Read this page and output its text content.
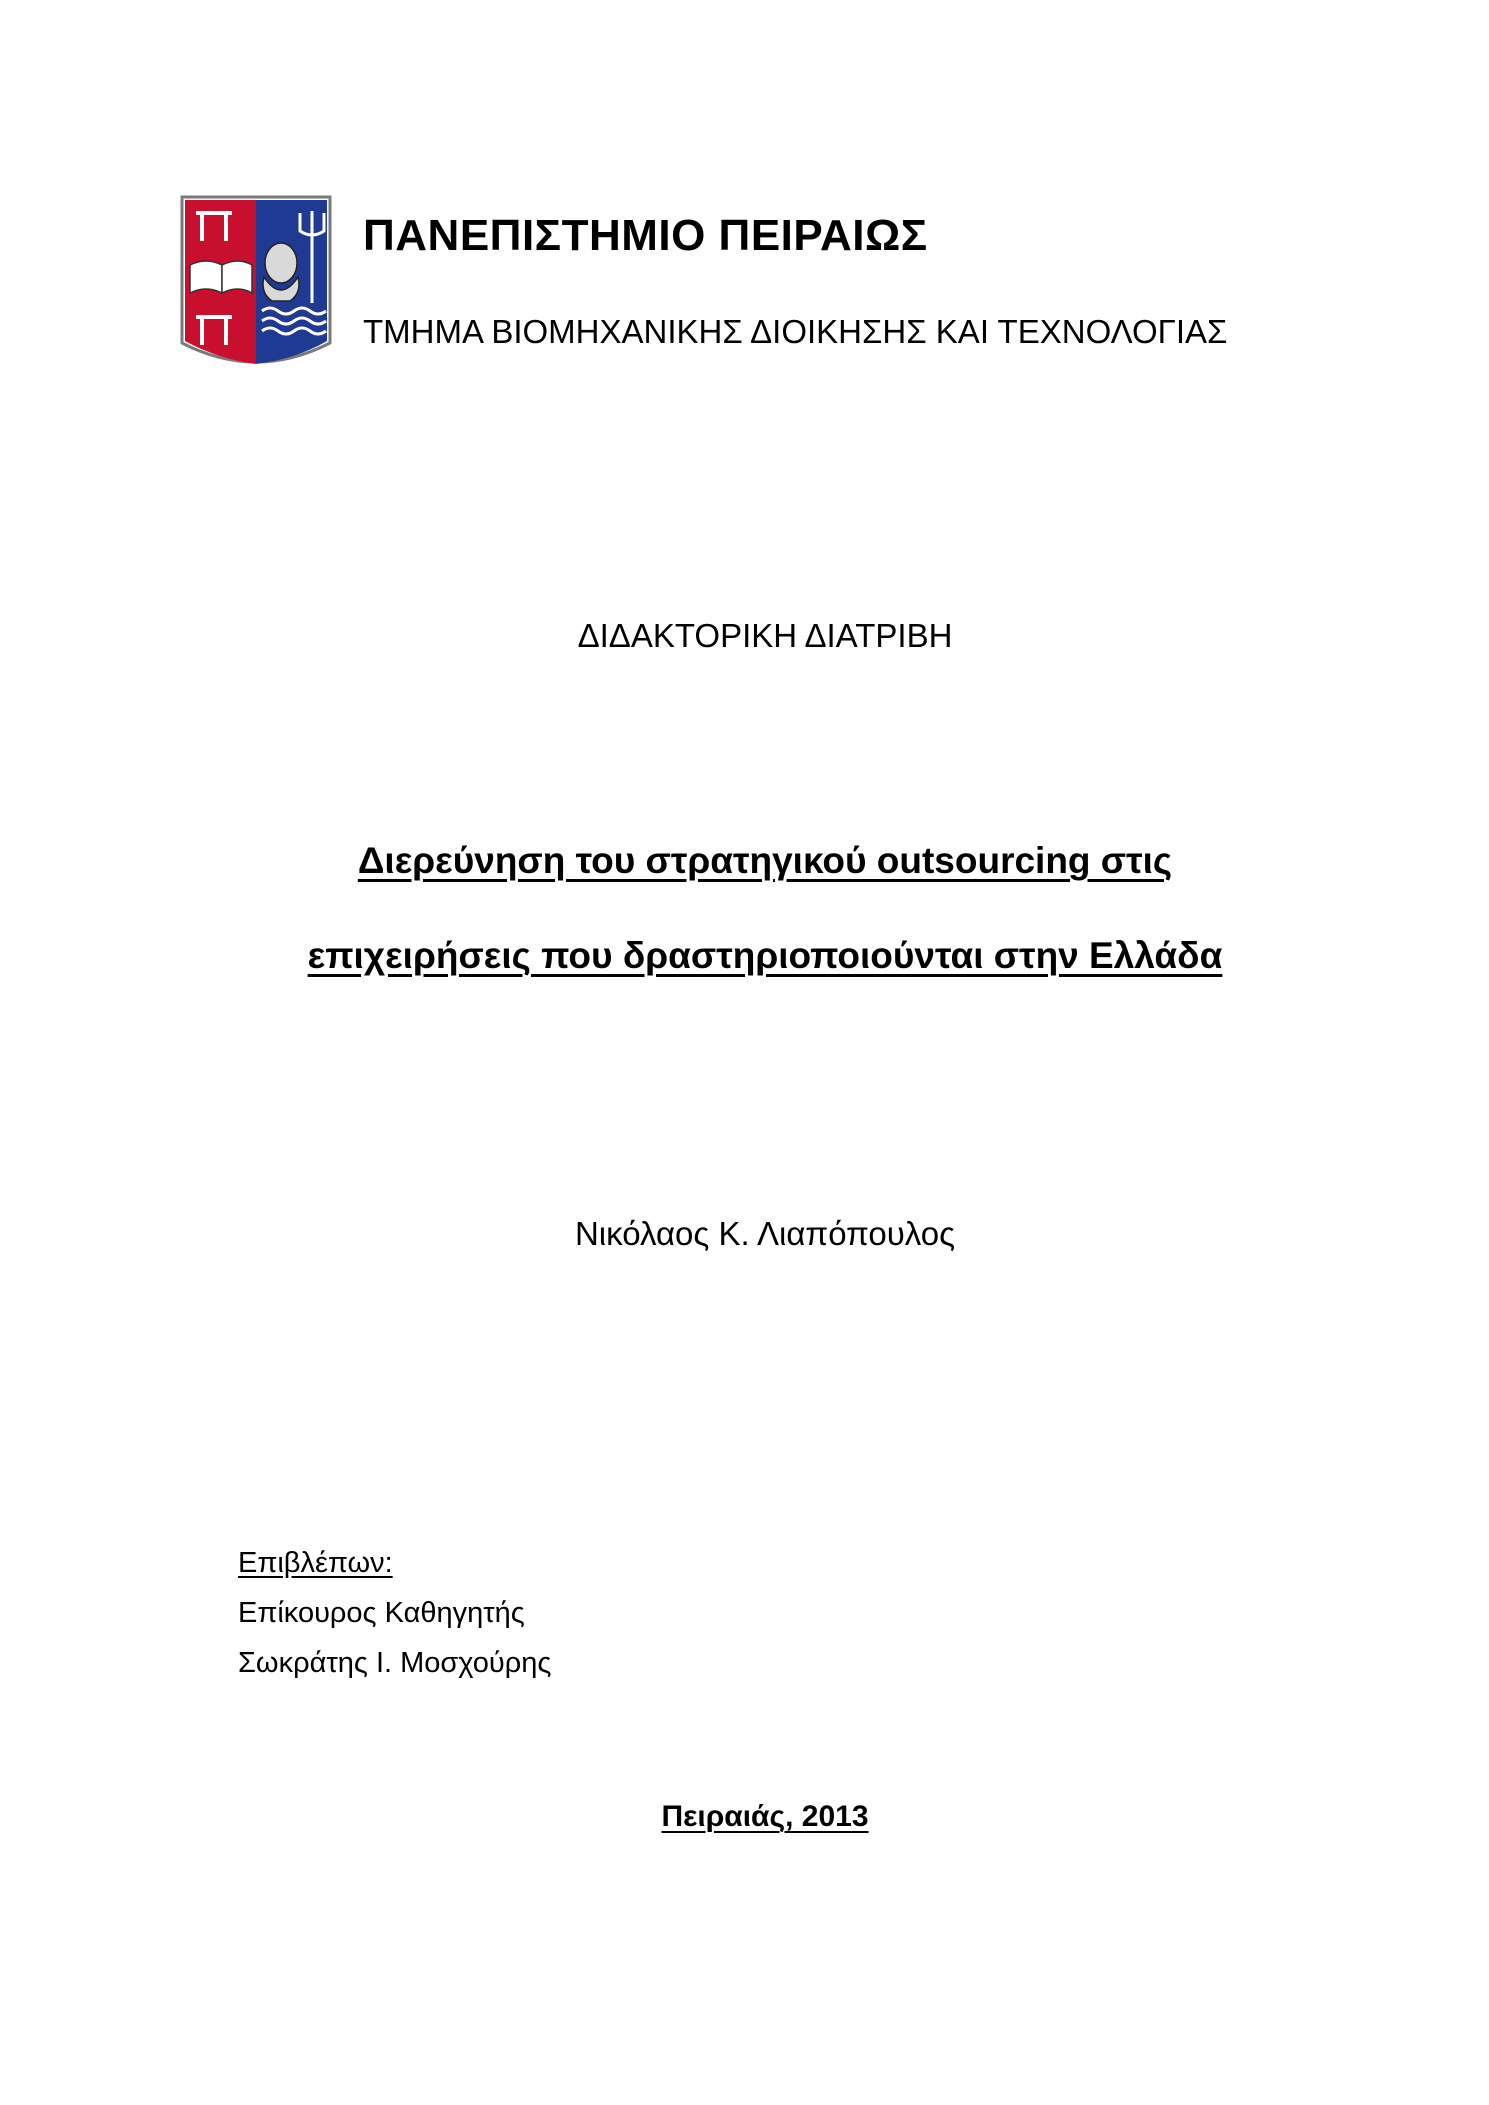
ΠΑΝΕΠΙΣΤΗΜΙΟ ΠΕΙΡΑΙΩΣ
ΤΜΗΜΑ ΒΙΟΜΗΧΑΝΙΚΗΣ ΔΙΟΙΚΗΣΗΣ ΚΑΙ ΤΕΧΝΟΛΟΓΙΑΣ
ΔΙΔΑΚΤΟΡΙΚΗ ΔΙΑΤΡΙΒΗ
Διερεύνηση του στρατηγικού outsourcing στις
επιχειρήσεις που δραστηριοποιούνται στην Ελλάδα
Νικόλαος Κ. Λιαπόπουλος
Επιβλέπων:
Επίκουρος Καθηγητής
Σωκράτης Ι. Μοσχούρης
Πειραιάς, 2013
